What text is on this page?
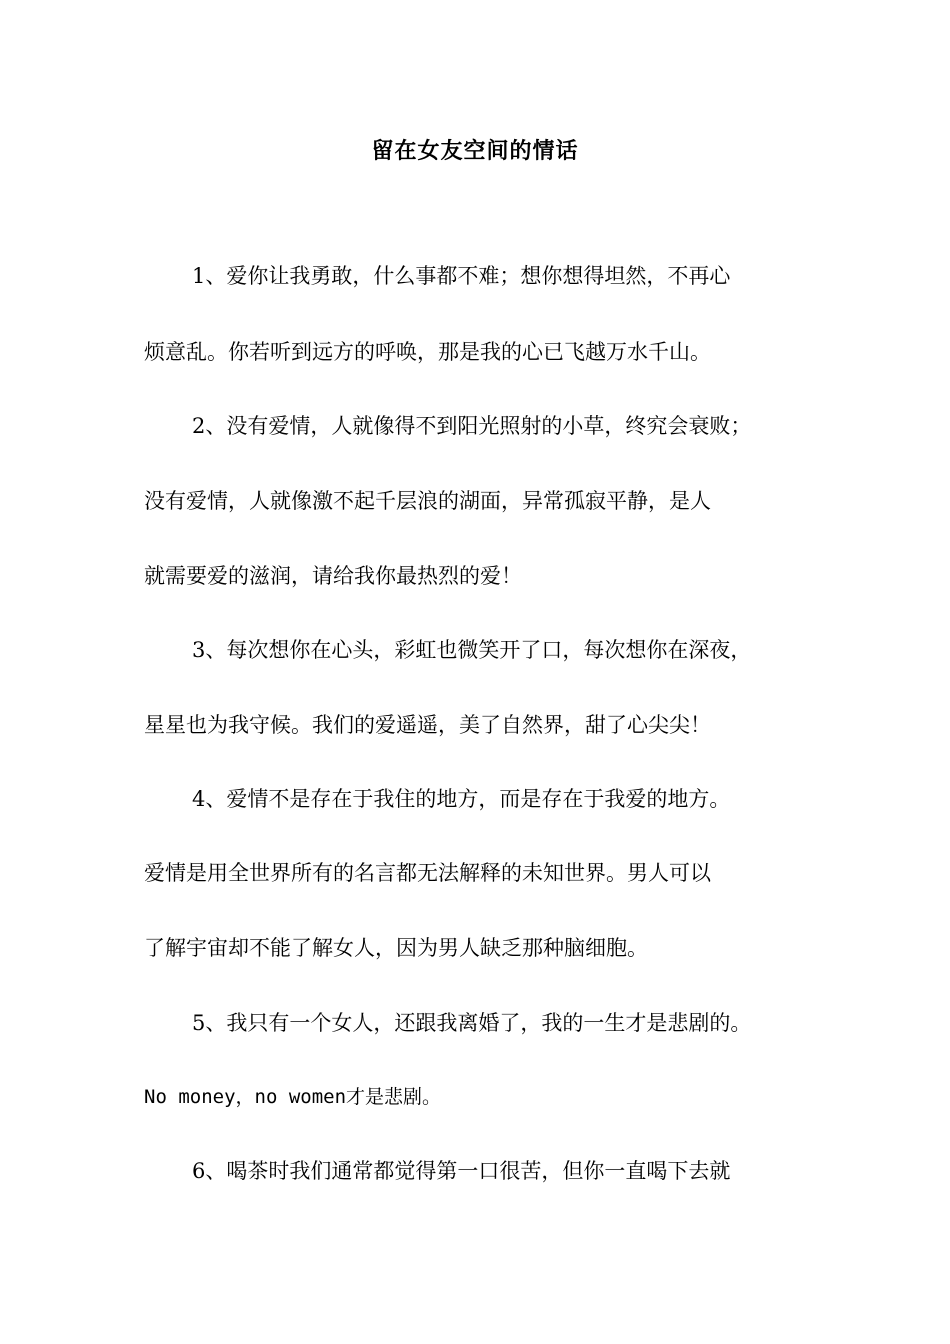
留在女友空间的情话
1、爱你让我勇敢，什么事都不难；想你想得坦然，不再心
烦意乱。你若听到远方的呼唤，那是我的心已飞越万水千山。
2、没有爱情，人就像得不到阳光照射的小草，终究会衰败；
没有爱情，人就像激不起千层浪的湖面，异常孤寂平静，是人
就需要爱的滋润，请给我你最热烈的爱！
3、每次想你在心头，彩虹也微笑开了口，每次想你在深夜，
星星也为我守候。我们的爱遥遥，美了自然界，甜了心尖尖！
4、爱情不是存在于我住的地方，而是存在于我爱的地方。
爱情是用全世界所有的名言都无法解释的未知世界。男人可以
了解宇宙却不能了解女人，因为男人缺乏那种脑细胞。
5、我只有一个女人，还跟我离婚了，我的一生才是悲剧的。
No money，no women才是悲剧。
6、喝茶时我们通常都觉得第一口很苦，但你一直喝下去就
